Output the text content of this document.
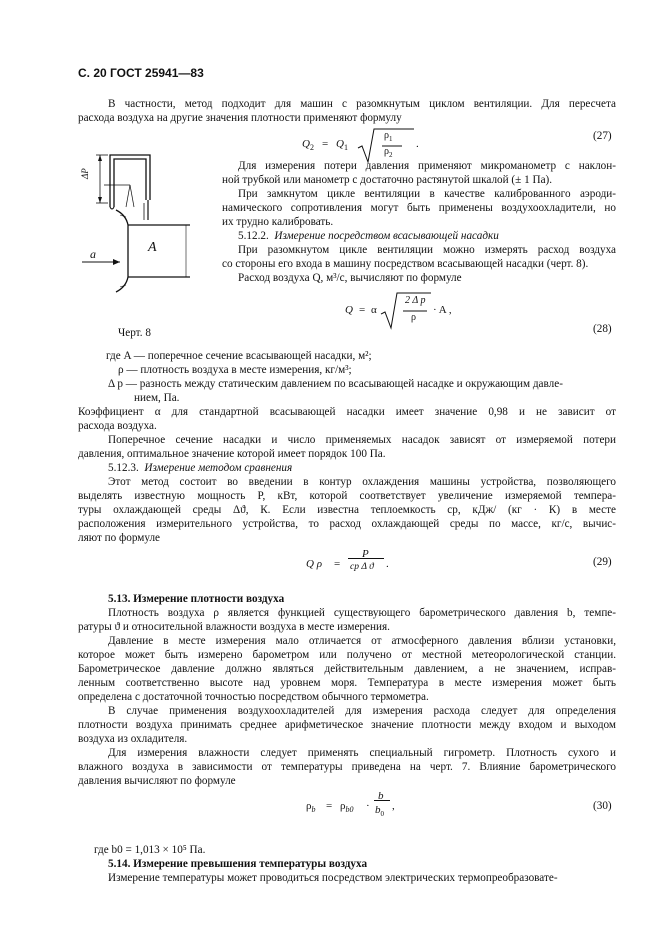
С. 20 ГОСТ 25941—83
В частности, метод подходит для машин с разомкнутым циклом вентиляции. Для пересчета
расхода воздуха на другие значения плотности применяют формулу
$Q_2 = Q_1$
$\rho_1$
$\rho_2$
.
(27)
ΔP
a	A
Черт. 8
Для измерения потери давления применяют микроманометр с наклон-
ной трубкой или манометр с достаточно растянутой шкалой (± 1 Па).
При замкнутом цикле вентиляции в качестве калиброванного аэроди-
намического сопротивления могут быть применены воздухоохладители, но
их трудно калибровать.
5.12.2. Измерение посредством всасывающей насадки
При разомкнутом цикле вентиляции можно измерять расход воздуха
со стороны его входа в машину посредством всасывающей насадки (черт. 8).
Расход воздуха Q, м³/с, вычисляют по формуле
Q = α
2 Δ p
ρ
· A ,
(28)
где A — поперечное сечение всасывающей насадки, м²;
ρ — плотность воздуха в месте измерения, кг/м³;
Δ p — разность между статическим давлением по всасывающей насадке и окружающим давле-
нием, Па.
Коэффициент α для стандартной всасывающей насадки имеет значение 0,98 и не зависит от
расхода воздуха.
Поперечное сечение насадки и число применяемых насадок зависят от измеряемой потери
давления, оптимальное значение которой имеет порядок 100 Па.
5.12.3. Измерение методом сравнения
Этот метод состоит во введении в контур охлаждения машины устройства, позволяющего
выделять известную мощность P, кВт, которой соответствует увеличение измеряемой темпера-
туры охлаждающей среды Δϑ, К. Если известна теплоемкость cp, кДж/ (кг · К) в месте
расположения измерительного устройства, то расход охлаждающей среды по массе, кг/с, вычис-
ляют по формуле
Q ρ =
P
cp Δ ϑ .	(29)
5.13. Измерение плотности воздуха
Плотность воздуха ρ является функцией существующего барометрического давления b, темпе-
ратуры ϑ и относительной влажности воздуха в месте измерения.
Давление в месте измерения мало отличается от атмосферного давления вблизи установки,
которое может быть измерено барометром или получено от местной метеорологической станции.
Барометрическое давление должно являться действительным давлением, а не значением, исправ-
ленным соответственно высоте над уровнем моря. Температура в месте измерения может быть
определена с достаточной точностью посредством обычного термометра.
В случае применения воздухоохладителей для измерения расхода следует для определения
плотности воздуха принимать среднее арифметическое значение плотности между входом и выходом
воздуха из охладителя.
Для измерения влажности следует применять специальный гигрометр. Плотность сухого и
влажного воздуха в зависимости от температуры приведена на черт. 7. Влияние барометрического
давления вычисляют по формуле
$\rho_b = \rho_{b0}$ ·
b
$b_0$
,	(30)
где b0 = 1,013 × 10⁵ Па.
5.14. Измерение превышения температуры воздуха
Измерение температуры может проводиться посредством электрических термопреобразовате-
